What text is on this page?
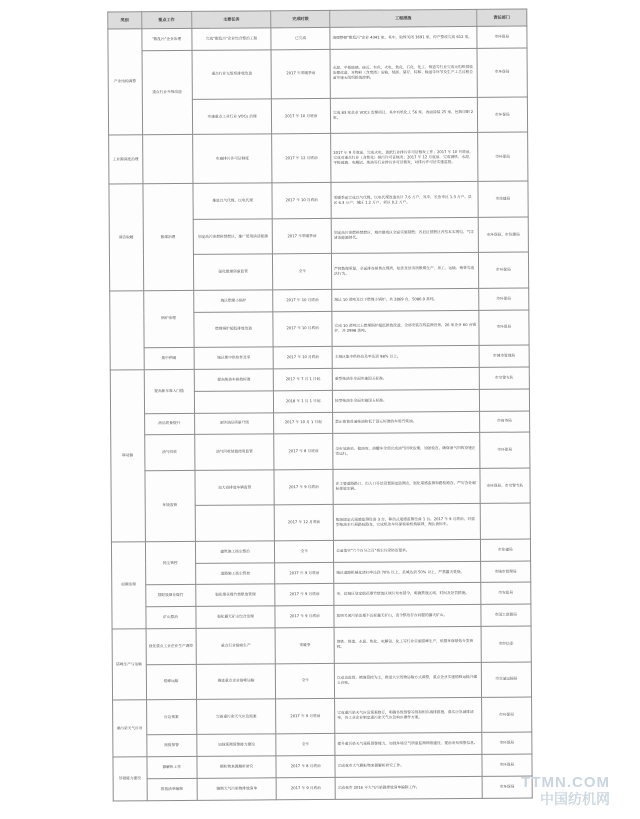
类别	重点工作	主要任务	完成时限	工程措施	责任部门
产业结构调整	"散乱污"企业治理	完成"散乱污"企业综合整治工程	已完成	清理整顿"散乱污"企业 4341 家，其中，取缔关闭 3691 家，停产整改完成 612 家。	市环保局
	重点行业升级改造	重点行业无组织排放改造	2017 年采暖季前	水泥、平板玻璃、砖瓦、有色、火电、焦化、石化、化工、铸造等行业完成无组织排放治理改造，对物料（含废渣）运输、装卸、储存、转移、输送等环节及生产工艺过程全面实施无组织排放控制。	市环保局
		实施重点工业行业 VOCs 治理	2017 年 10 月底前	完成 83 家企业 VOCs 治理项目，其中有机化工 56 家，表面涂装 25 家，包装印刷 2 家。	市环保局
工业源深度治理		实施排污许可证制度	2017 年 12 月底前	2017 年 9 月底前，完成火电、造纸行业排污许可证核发工作；2017 年 10 月底前，完成对重点行业（含焦化）排污许可证核发；2017 年 12 月底前，完成钢铁、水泥、平板玻璃、电解铝、炼油等行业排污许可证核发，对排污许可证实施监管。	市环保局
清洁取暖	散煤治理	推进以气代煤、以电代煤	2017 年 10 月底前	采暖季前完成以气代煤、以电代煤改造共计 7.6 万户，其中，长治市区 1.3 万户，县区 6.3 万户；城区 1.2 万户，郊区 0.2 万户。	市住建局
		划定高污染燃料禁燃区，推广使用清洁能源	2017 年采暖季前	划定高污染燃料禁燃区，城市建成区全面实施禁燃；各县区禁燃区内基本实现电、气等清洁能源替代。	市环保局、市住建局
		强化散煤质量监管	全年	严控散煤质量，全面排查销售点煤质，依法查处劣质散煤生产、加工、运输、销售等违法行为。	市环保局
	锅炉治理	淘汰燃煤小锅炉	2017 年 10 月底前	淘汰 10 蒸吨及以下燃煤小锅炉，共 2869 台，5086.9 蒸吨。	市环保局
		燃煤锅炉超低排放改造	2017 年 10 月底前	完成 10 蒸吨以上燃煤锅炉超低排放改造，全部安装在线监测设备，26 家企业 60 台锅炉，共 2998 蒸吨。	市环保局
	集中供暖	城区集中供热普及率	2017 年 10 月底前	主城区集中供热普及率达到 98% 以上。	市城市管理局
移动源	提高新车准入门槛	提高柴油车排放标准	2017 年 7 月 1 日起	重型柴油车全面实施国五标准。	市交警支队
			2018 年 1 月 1 日起	轻型柴油车全面实施国五标准。	
	油品质量提升	加快油品质量升级	2017 年 10 月 1 日起	禁止销售普通柴油和低于国五标准的车用汽柴油。	市商务局
	油气回收	油气回收装置使用监管	2017 年 8 月底前	全市加油站、储油库、油罐车全部完成油气回收治理，加强检查，确保油气回收设施正常运行。	市环保局
	环境监管	加大高排放车辆监管	2017 年 9 月底前	在主要道路路口、出入口等处设置固定监测点，强化遥感监测和路检路查，严厉查处超标排放车辆。	市环保局、市交警支队
			2017 年 12 月底前	配备固定式遥感监测设备 3 台，移动式遥感监测设备 1 台。2017 年 9 月底前，对重型柴油车开展路检路查，完成机动车环保检验机构联网，淘汰黄标车。	
面源治理	扬尘管控	建筑施工扬尘整治	全年	全面落实"六个百分之百"扬尘污染防治要求。	市住建局
		道路施工扬尘管控	2017 年 9 月底前	城区道路机械化清扫率达到 70% 以上，县城达到 50% 以上，严禁露天焚烧。	市城市管理局
	禁限放烟花爆竹	强化烟花爆竹禁限放管理	2017 年 9 月底前	市、县城区划定烟花爆竹禁放区域并发布禁令，明确禁放区域、时间及处罚措施。	市安监局
	矿山整治	强化露天矿山综合治理	2017 年 9 月底前	取缔关闭污染治理不达标露天矿山，责令整改存在问题的露天矿山。	市国土资源局
错峰生产与运输	强化重点工业企业生产调控	重点行业错峰生产	采暖季	钢铁、铸造、水泥、焦化、电解铝、化工等行业实施错峰生产，依据环保绩效分类管控。	市经信委
	错峰运输	推进重点企业错峰运输	全年	以动态监管、精准管控为主，推进大宗货物运输方式调整，重点企业实施错峰运输并建立台账。	市交通运输局
重污染天气应对	应急预案	完善重污染天气应急预案	2017 年 9 月底前	完成重污染天气应急预案修订，明确各级预警等级和相应减排措施，落实应急减排清单，各工业企业制定重污染天气应急响应操作方案。	市环保局
	预报预警	加强预测预警能力建设	全年	提升重污染天气预报预警能力，加强环境空气质量监测网络建设，提前发布预警信息。	市环保局
基础能力建设	源解析工作	颗粒物来源解析研究	2017 年 8 月底前	完成我市大气颗粒物来源解析研究工作。	市环保局
	排放清单编制	编制大气污染物排放清单	2017 年 9 月底前	完成我市 2016 年大气污染源排放清单编制工作。	市环保局 TTMN.COM
中国纺机网
